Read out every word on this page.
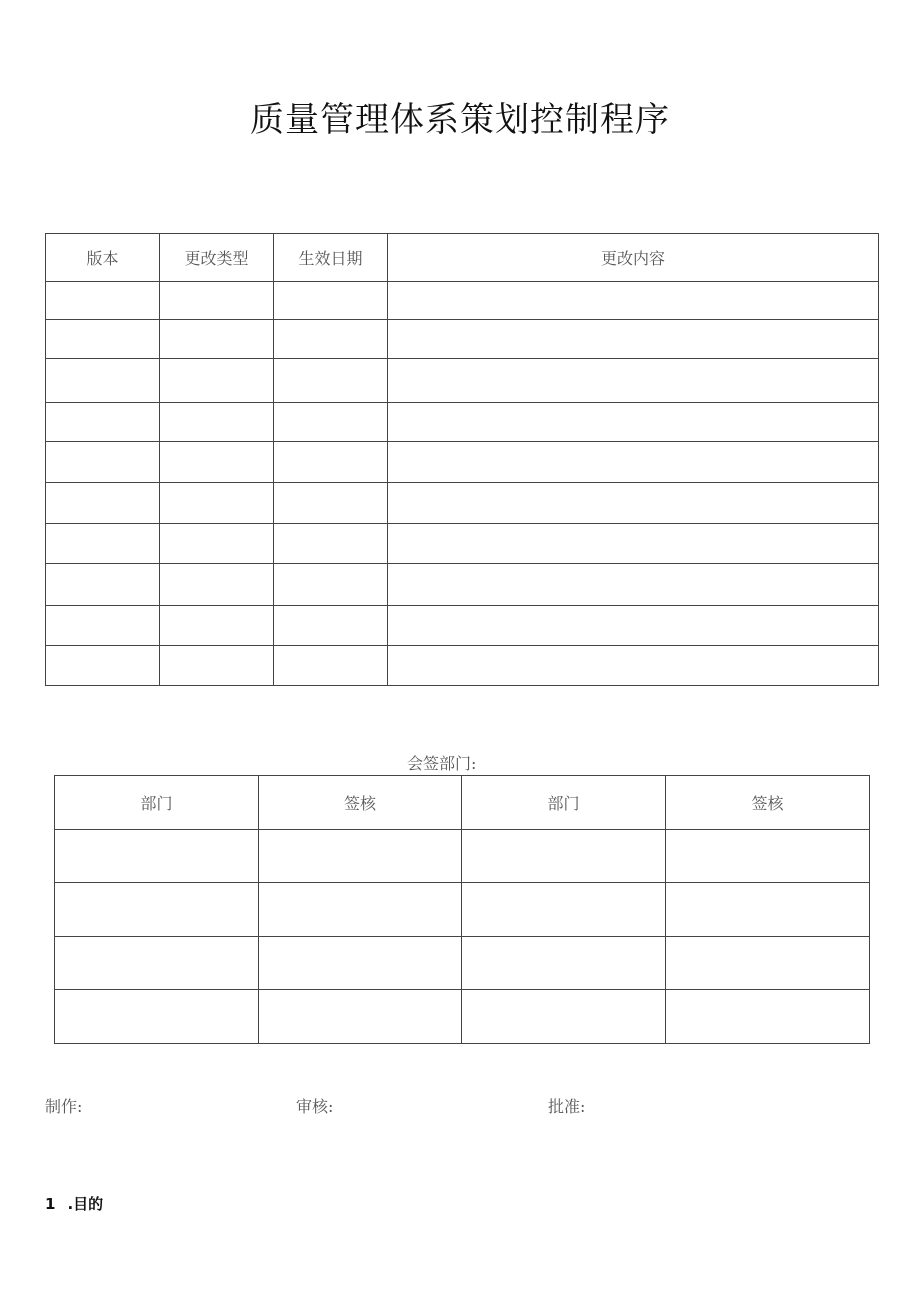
质量管理体系策划控制程序
版本	更改类型	生效日期	更改内容

会签部门:
部门	签核	部门	签核

制作:	审核:	批准:
1 .目的
